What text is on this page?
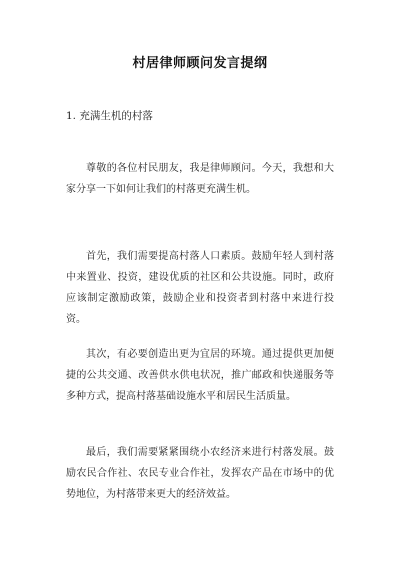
村居律师顾问发言提纲
1. 充满生机的村落

尊敬的各位村民朋友，我是律师顾问。今天，我想和大家分享一下如何让我们的村落更充满生机。

首先，我们需要提高村落人口素质。鼓励年轻人到村落中来置业、投资，建设优质的社区和公共设施。同时，政府应该制定激励政策，鼓励企业和投资者到村落中来进行投资。

其次，有必要创造出更为宜居的环境。通过提供更加便捷的公共交通、改善供水供电状况，推广邮政和快递服务等多种方式，提高村落基础设施水平和居民生活质量。

最后，我们需要紧紧围绕小农经济来进行村落发展。鼓励农民合作社、农民专业合作社，发挥农产品在市场中的优势地位，为村落带来更大的经济效益。
